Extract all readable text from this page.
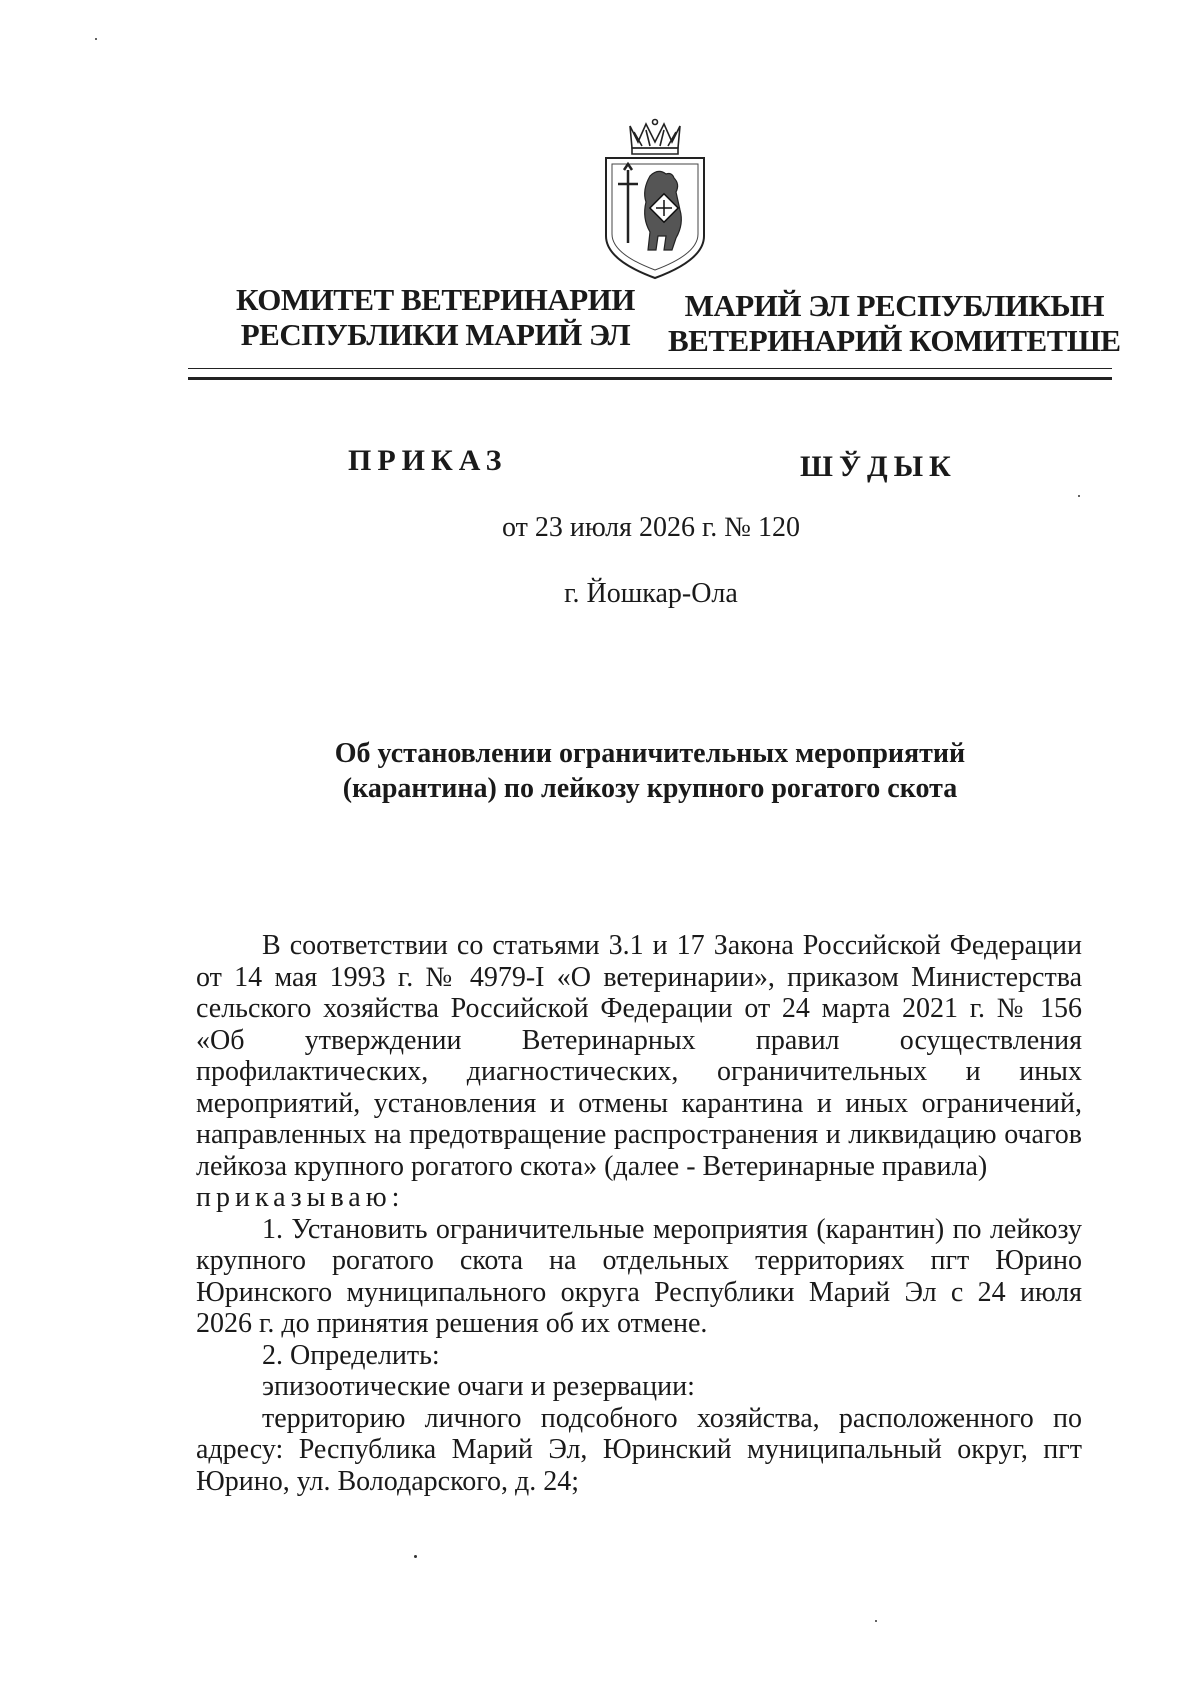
КОМИТЕТ ВЕТЕРИНАРИИ
РЕСПУБЛИКИ МАРИЙ ЭЛ
МАРИЙ ЭЛ РЕСПУБЛИКЫН
ВЕТЕРИНАРИЙ КОМИТЕТШЕ
ПРИКАЗ	ШЎДЫК
от 23 июля 2026 г. № 120
г. Йошкар-Ола
Об установлении ограничительных мероприятий
(карантина) по лейкозу крупного рогатого скота

В соответствии со статьями 3.1 и 17 Закона Российской Федерации от 14 мая 1993 г. № 4979-I «О ветеринарии», приказом Министерства сельского хозяйства Российской Федерации от 24 марта 2021 г. № 156 «Об утверждении Ветеринарных правил осуществления профилактических, диагностических, ограничительных и иных мероприятий, установления и отмены карантина и иных ограничений, направленных на предотвращение распространения и ликвидацию очагов лейкоза крупного рогатого скота» (далее - Ветеринарные правила)

приказываю:

1. Установить ограничительные мероприятия (карантин) по лейкозу крупного рогатого скота на отдельных территориях пгт Юрино Юринского муниципального округа Республики Марий Эл с 24 июля 2026 г. до принятия решения об их отмене.

2. Определить:

эпизоотические очаги и резервации:

территорию личного подсобного хозяйства, расположенного по адресу: Республика Марий Эл, Юринский муниципальный округ, пгт Юрино, ул. Володарского, д. 24;
